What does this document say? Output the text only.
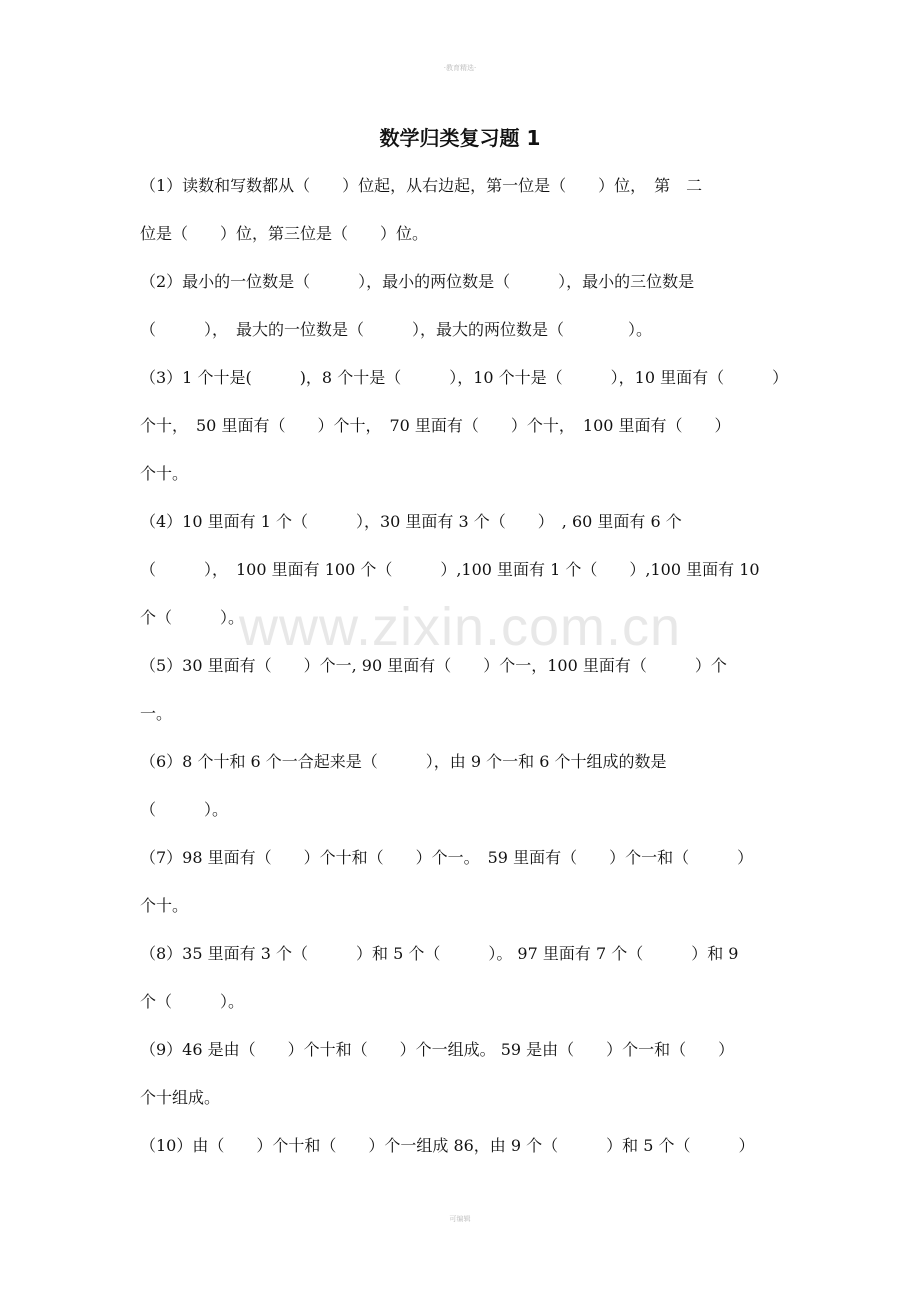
·教育精选·
数学归类复习题 1
（1）读数和写数都从（　　）位起，从右边起，第一位是（　　）位，　第　二
位是（　　）位，第三位是（　　）位。
（2）最小的一位数是（　　　），最小的两位数是（　　　），最小的三位数是
（　　　），　最大的一位数是（　　　），最大的两位数是（　　　　）。
（3）1 个十是(　　　)，8 个十是（　　　），10 个十是（　　　），10 里面有（　　　）
个十，　50 里面有（　　）个十，　70 里面有（　　）个十，　100 里面有（　　）
个十。
（4）10 里面有 1 个（　　　），30 里面有 3 个（　　）　, 60 里面有 6 个
（　　　），　100 里面有 100 个（　　　）,100 里面有 1 个（　　）,100 里面有 10
个（　　　）。
（5）30 里面有（　　）个一, 90 里面有（　　）个一，100 里面有（　　　）个
一。
（6）8 个十和 6 个一合起来是（　　　），由 9 个一和 6 个十组成的数是
（　　　）。
（7）98 里面有（　　）个十和（　　）个一。　59 里面有（　　）个一和（　　　）
个十。
（8）35 里面有 3 个（　　　）和 5 个（　　　）。 97 里面有 7 个（　　　）和 9
个（　　　）。
（9）46 是由（　　）个十和（　　）个一组成。 59 是由（　　）个一和（　　）
个十组成。
（10）由（　　）个十和（　　）个一组成 86，由 9 个（　　　）和 5 个（　　　）
www.zixin.com.cn
可编辑
